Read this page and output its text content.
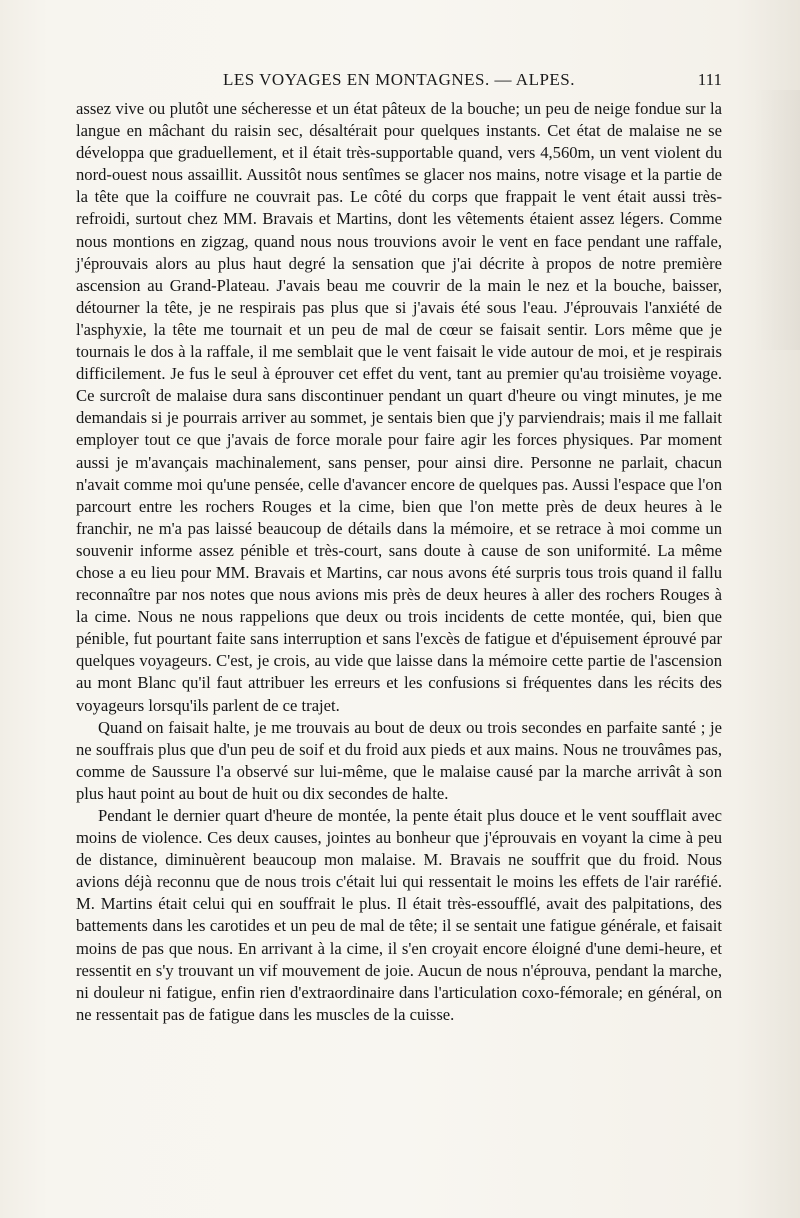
LES VOYAGES EN MONTAGNES. — ALPES.	111

assez vive ou plutôt une sécheresse et un état pâteux de la bouche; un peu de neige fondue sur la langue en mâchant du raisin sec, désaltérait pour quelques instants. Cet état de malaise ne se développa que graduellement, et il était très-supportable quand, vers 4,560m, un vent violent du nord-ouest nous assaillit. Aussitôt nous sentîmes se glacer nos mains, notre visage et la partie de la tête que la coiffure ne couvrait pas. Le côté du corps que frappait le vent était aussi très-refroidi, surtout chez MM. Bravais et Martins, dont les vêtements étaient assez légers. Comme nous montions en zigzag, quand nous nous trouvions avoir le vent en face pendant une raffale, j'éprouvais alors au plus haut degré la sensation que j'ai décrite à propos de notre première ascension au Grand-Plateau. J'avais beau me couvrir de la main le nez et la bouche, baisser, détourner la tête, je ne respirais pas plus que si j'avais été sous l'eau. J'éprouvais l'anxiété de l'asphyxie, la tête me tournait et un peu de mal de cœur se faisait sentir. Lors même que je tournais le dos à la raffale, il me semblait que le vent faisait le vide autour de moi, et je respirais difficilement. Je fus le seul à éprouver cet effet du vent, tant au premier qu'au troisième voyage. Ce surcroît de malaise dura sans discontinuer pendant un quart d'heure ou vingt minutes, je me demandais si je pourrais arriver au sommet, je sentais bien que j'y parviendrais; mais il me fallait employer tout ce que j'avais de force morale pour faire agir les forces physiques. Par moment aussi je m'avançais machinalement, sans penser, pour ainsi dire. Personne ne parlait, chacun n'avait comme moi qu'une pensée, celle d'avancer encore de quelques pas. Aussi l'espace que l'on parcourt entre les rochers Rouges et la cime, bien que l'on mette près de deux heures à le franchir, ne m'a pas laissé beaucoup de détails dans la mémoire, et se retrace à moi comme un souvenir informe assez pénible et très-court, sans doute à cause de son uniformité. La même chose a eu lieu pour MM. Bravais et Martins, car nous avons été surpris tous trois quand il fallu reconnaître par nos notes que nous avions mis près de deux heures à aller des rochers Rouges à la cime. Nous ne nous rappelions que deux ou trois incidents de cette montée, qui, bien que pénible, fut pourtant faite sans interruption et sans l'excès de fatigue et d'épuisement éprouvé par quelques voyageurs. C'est, je crois, au vide que laisse dans la mémoire cette partie de l'ascension au mont Blanc qu'il faut attribuer les erreurs et les confusions si fréquentes dans les récits des voyageurs lorsqu'ils parlent de ce trajet.

Quand on faisait halte, je me trouvais au bout de deux ou trois secondes en parfaite santé ; je ne souffrais plus que d'un peu de soif et du froid aux pieds et aux mains. Nous ne trouvâmes pas, comme de Saussure l'a observé sur lui-même, que le malaise causé par la marche arrivât à son plus haut point au bout de huit ou dix secondes de halte.

Pendant le dernier quart d'heure de montée, la pente était plus douce et le vent soufflait avec moins de violence. Ces deux causes, jointes au bonheur que j'éprouvais en voyant la cime à peu de distance, diminuèrent beaucoup mon malaise. M. Bravais ne souffrit que du froid. Nous avions déjà reconnu que de nous trois c'était lui qui ressentait le moins les effets de l'air raréfié. M. Martins était celui qui en souffrait le plus. Il était très-essoufflé, avait des palpitations, des battements dans les carotides et un peu de mal de tête; il se sentait une fatigue générale, et faisait moins de pas que nous. En arrivant à la cime, il s'en croyait encore éloigné d'une demi-heure, et ressentit en s'y trouvant un vif mouvement de joie. Aucun de nous n'éprouva, pendant la marche, ni douleur ni fatigue, enfin rien d'extraordinaire dans l'articulation coxo-fémorale; en général, on ne ressentait pas de fatigue dans les muscles de la cuisse.
